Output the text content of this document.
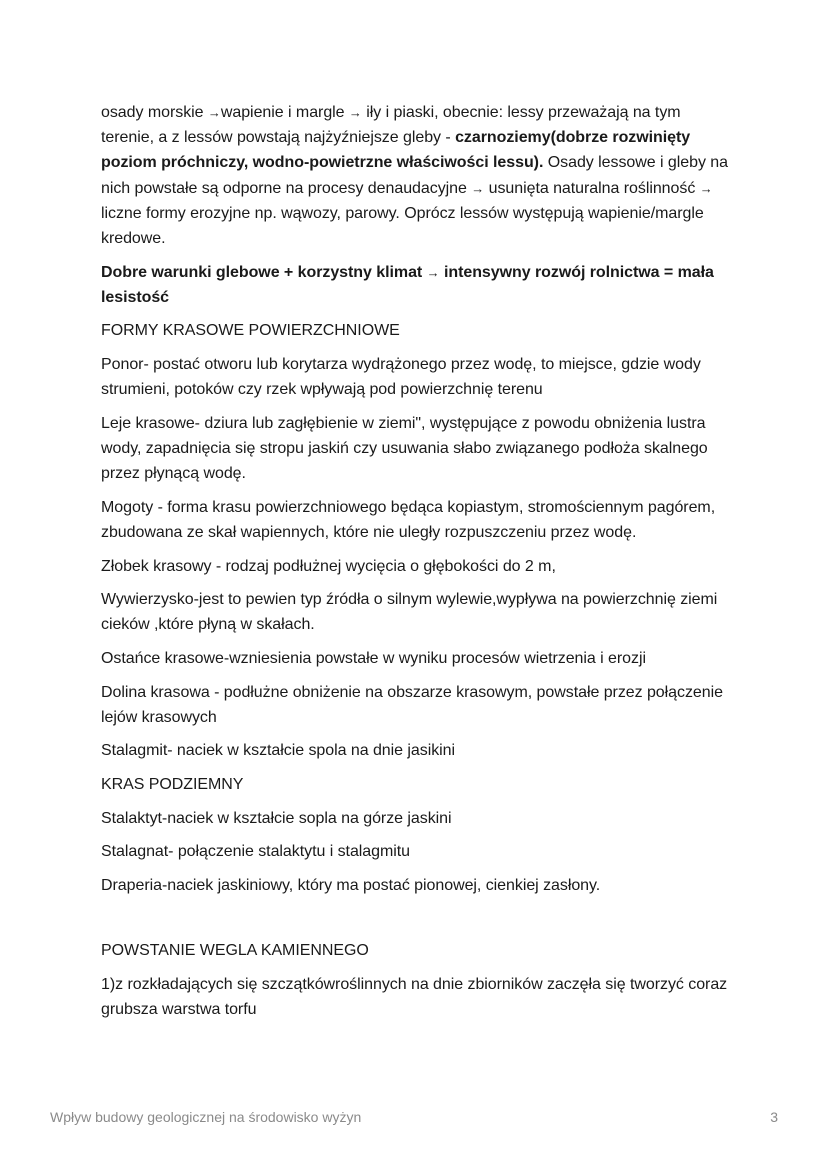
osady morskie →wapienie i margle → iły i piaski, obecnie: lessy przeważają na tym terenie, a z lessów powstają najżyźniejsze gleby - czarnoziemy(dobrze rozwinięty poziom próchniczy, wodno-powietrzne właściwości lessu). Osady lessowe i gleby na nich powstałe są odporne na procesy denaudacyjne → usunięta naturalna roślinność → liczne formy erozyjne np. wąwozy, parowy. Oprócz lessów występują wapienie/margle kredowe.

Dobre warunki glebowe + korzystny klimat → intensywny rozwój rolnictwa = mała lesistość

FORMY KRASOWE POWIERZCHNIOWE

Ponor- postać otworu lub korytarza wydrążonego przez wodę, to miejsce, gdzie wody strumieni, potoków czy rzek wpływają pod powierzchnię terenu

Leje krasowe- dziura lub zagłębienie w ziemi", występujące z powodu obniżenia lustra wody, zapadnięcia się stropu jaskiń czy usuwania słabo związanego podłoża skalnego przez płynącą wodę.

Mogoty - forma krasu powierzchniowego będąca kopiastym, stromościennym pagórem, zbudowana ze skał wapiennych, które nie uległy rozpuszczeniu przez wodę.

Złobek krasowy - rodzaj podłużnej wycięcia o głębokości do 2 m,

Wywierzysko-jest to pewien typ źródła o silnym wylewie,wypływa na powierzchnię ziemi cieków ,które płyną w skałach.

Ostańce krasowe-wzniesienia powstałe w wyniku procesów wietrzenia i erozji

Dolina krasowa - podłużne obniżenie na obszarze krasowym, powstałe przez połączenie lejów krasowych

Stalagmit- naciek w kształcie spola na dnie jasikini

KRAS PODZIEMNY

Stalaktyt-naciek w kształcie sopla na górze jaskini

Stalagnat- połączenie stalaktytu i stalagmitu

Draperia-naciek jaskiniowy, który ma postać pionowej, cienkiej zasłony.

POWSTANIE WEGLA KAMIENNEGO

1)z rozkładających się szczątkówroślinnych na dnie zbiorników zaczęła się tworzyć coraz grubsza warstwa torfu

Wpływ budowy geologicznej na środowisko wyżyn	3
